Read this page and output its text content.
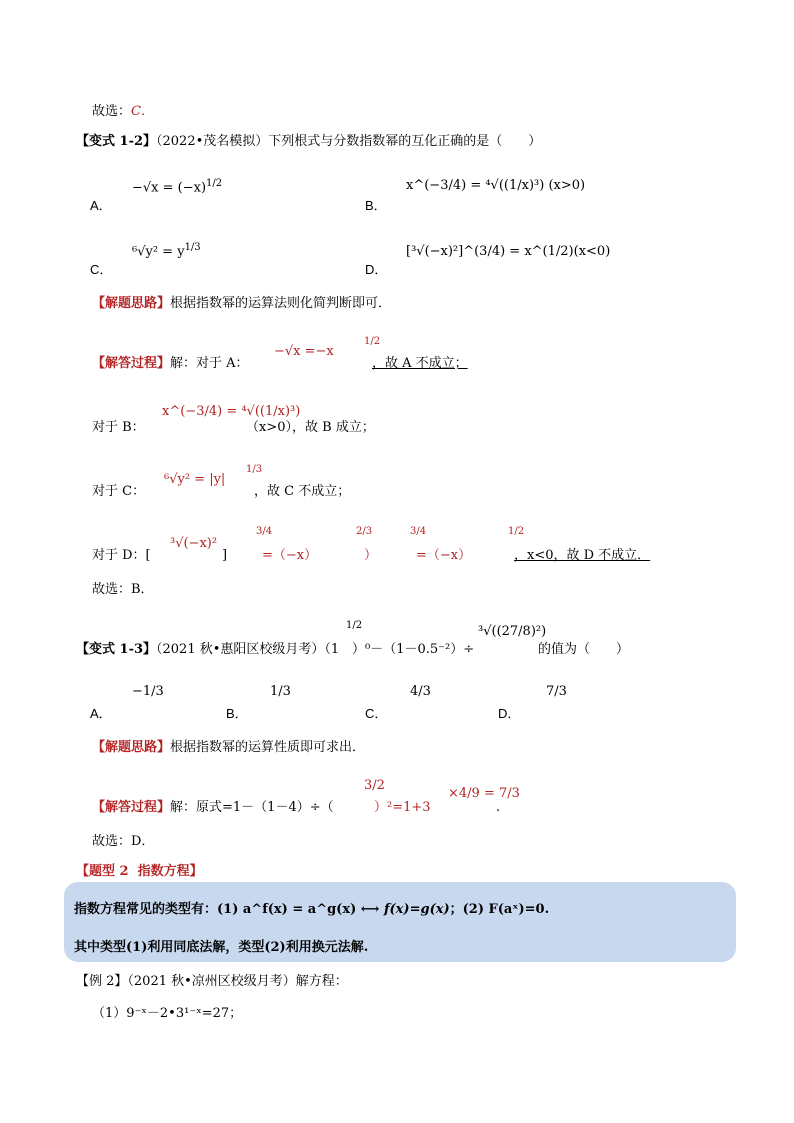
故选：C.
【变式 1-2】（2022•茂名模拟）下列根式与分数指数幂的互化正确的是（　　）
A．
$-√x = (-x)^{1/2}$
B．
x^(−3/4) = ⁴√((1/x)³) (x>0)
C．
$^6√y^2 = y^{1/3}$
D．
[³√(−x)²]^(3/4) = x^(1/2)(x<0)
【解题思路】根据指数幂的运算法则化简判断即可．
【解答过程】解：对于 A：
−√x =−x
1/2
，故 A 不成立；
对于 B：
x^(−3/4) = ⁴√((1/x)³)
（x>0），故 B 成立；
对于 C：
⁶√y² = |y|
1/3
，故 C 不成立；
对于 D：[
³√(−x)²
]
3/4
=（−x）
2/3
）
3/4
=（−x）
1/2
，x<0，故 D 不成立．
故选：B．
【变式 1-3】（2021 秋•惠阳区校级月考）（1
1/2
）⁰－（1－0.5⁻²）÷
³√((27/8)²)
的值为（　　）
A．
−1/3
B．
1/3
C．
4/3
D．
7/3
【解题思路】根据指数幂的运算性质即可求出．
【解答过程】解：原式=1－（1－4）÷（
3/2
）²=1+3
×4/9 = 7/3
.
故选：D．
【题型 2 指数方程】
指数方程常见的类型有：(1) a^f(x) = a^g(x) ⟷ f(x)=g(x)；(2) F(aˣ)=0.
其中类型(1)利用同底法解，类型(2)利用换元法解.
【例 2】（2021 秋•凉州区校级月考）解方程：
（1）9⁻ˣ－2•3¹⁻ˣ=27；
